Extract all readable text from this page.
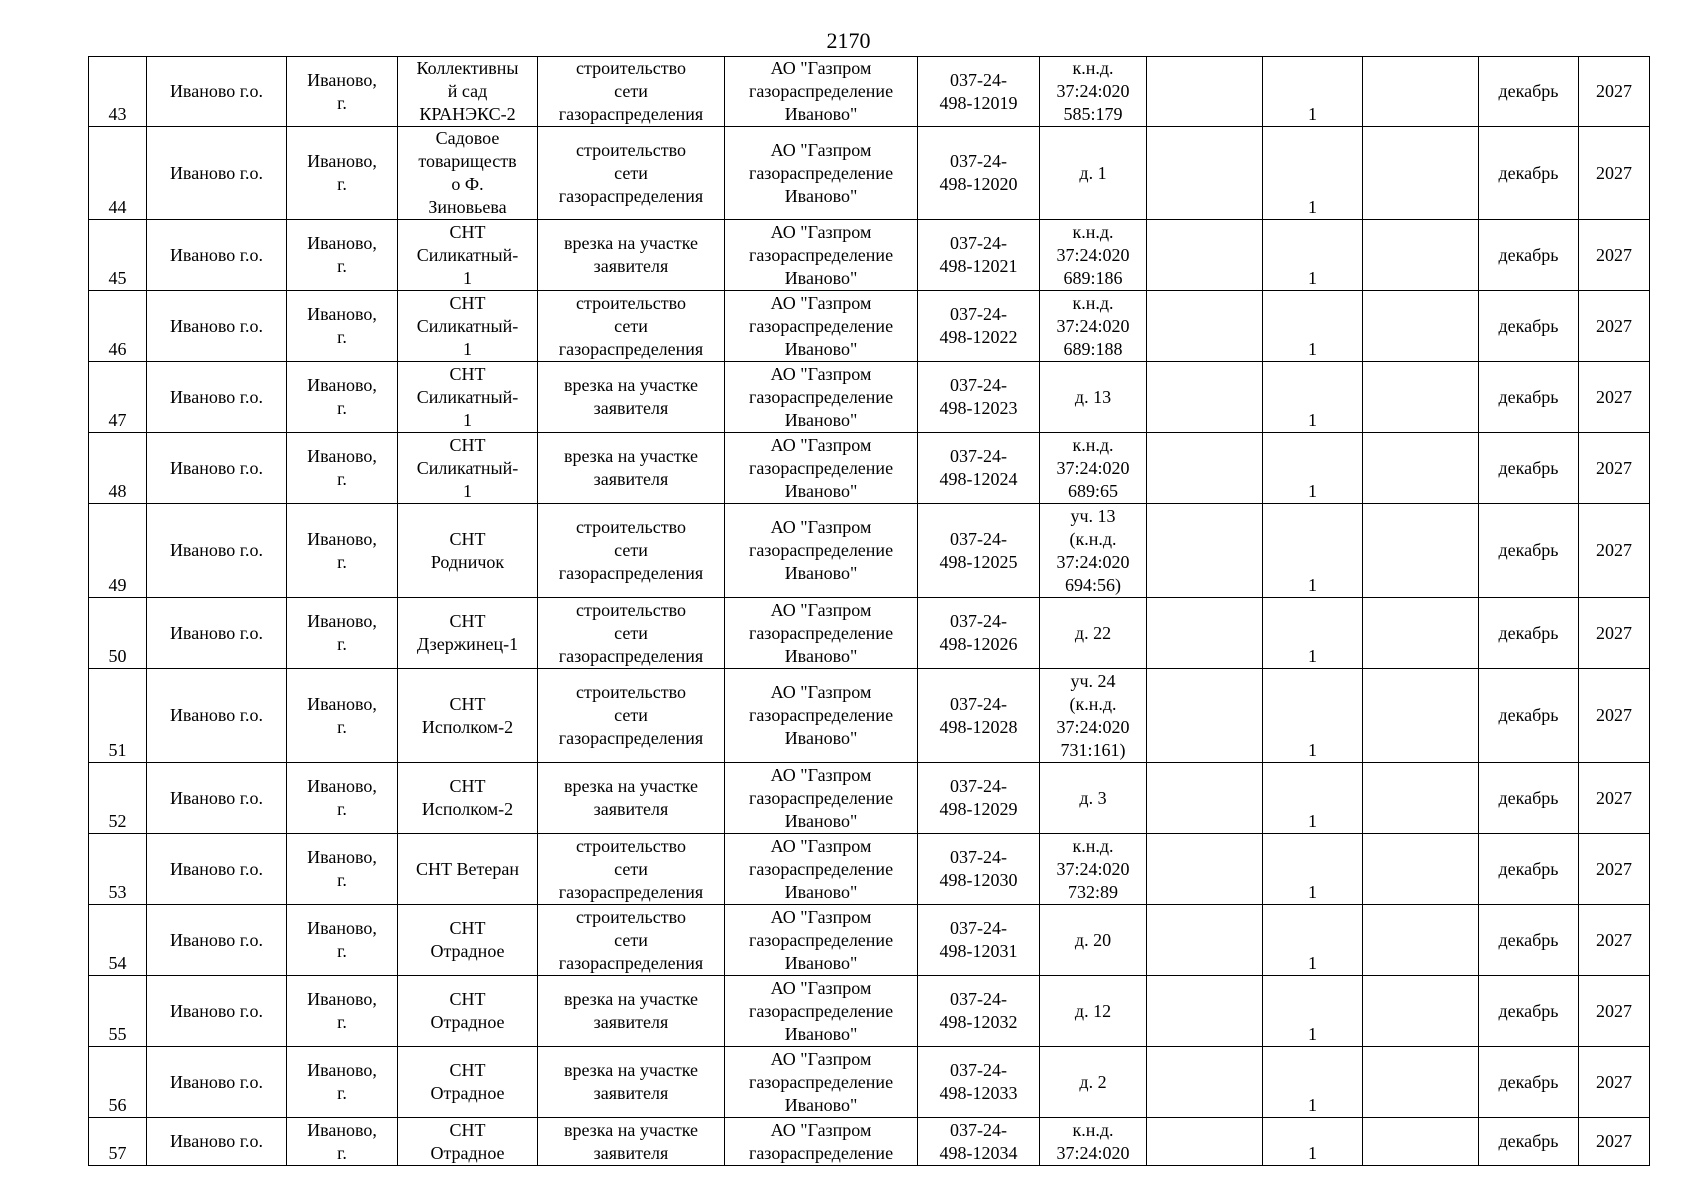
2170
43	Иваново г.о.	Иваново,
г.	Коллективны
й сад
КРАНЭКС-2	строительство
сети
газораспределения	АО "Газпром
газораспределение
Иваново"	037-24-
498-12019	к.н.д.
37:24:020
585:179		1		декабрь	2027

44	Иваново г.о.	Иваново,
г.	Садовое
товариществ
о Ф.
Зиновьева	строительство
сети
газораспределения	АО "Газпром
газораспределение
Иваново"	037-24-
498-12020	д. 1		1		декабрь	2027

45	Иваново г.о.	Иваново,
г.	СНТ
Силикатный-
1	врезка на участке
заявителя	АО "Газпром
газораспределение
Иваново"	037-24-
498-12021	к.н.д.
37:24:020
689:186		1		декабрь	2027

46	Иваново г.о.	Иваново,
г.	СНТ
Силикатный-
1	строительство
сети
газораспределения	АО "Газпром
газораспределение
Иваново"	037-24-
498-12022	к.н.д.
37:24:020
689:188		1		декабрь	2027

47	Иваново г.о.	Иваново,
г.	СНТ
Силикатный-
1	врезка на участке
заявителя	АО "Газпром
газораспределение
Иваново"	037-24-
498-12023	д. 13		1		декабрь	2027

48	Иваново г.о.	Иваново,
г.	СНТ
Силикатный-
1	врезка на участке
заявителя	АО "Газпром
газораспределение
Иваново"	037-24-
498-12024	к.н.д.
37:24:020
689:65		1		декабрь	2027

49	Иваново г.о.	Иваново,
г.	СНТ
Родничок	строительство
сети
газораспределения	АО "Газпром
газораспределение
Иваново"	037-24-
498-12025	уч. 13
(к.н.д.
37:24:020
694:56)		1		декабрь	2027

50	Иваново г.о.	Иваново,
г.	СНТ
Дзержинец-1	строительство
сети
газораспределения	АО "Газпром
газораспределение
Иваново"	037-24-
498-12026	д. 22		1		декабрь	2027

51	Иваново г.о.	Иваново,
г.	СНТ
Исполком-2	строительство
сети
газораспределения	АО "Газпром
газораспределение
Иваново"	037-24-
498-12028	уч. 24
(к.н.д.
37:24:020
731:161)		1		декабрь	2027

52	Иваново г.о.	Иваново,
г.	СНТ
Исполком-2	врезка на участке
заявителя	АО "Газпром
газораспределение
Иваново"	037-24-
498-12029	д. 3		1		декабрь	2027

53	Иваново г.о.	Иваново,
г.	СНТ Ветеран	строительство
сети
газораспределения	АО "Газпром
газораспределение
Иваново"	037-24-
498-12030	к.н.д.
37:24:020
732:89		1		декабрь	2027

54	Иваново г.о.	Иваново,
г.	СНТ
Отрадное	строительство
сети
газораспределения	АО "Газпром
газораспределение
Иваново"	037-24-
498-12031	д. 20		1		декабрь	2027

55	Иваново г.о.	Иваново,
г.	СНТ
Отрадное	врезка на участке
заявителя	АО "Газпром
газораспределение
Иваново"	037-24-
498-12032	д. 12		1		декабрь	2027

56	Иваново г.о.	Иваново,
г.	СНТ
Отрадное	врезка на участке
заявителя	АО "Газпром
газораспределение
Иваново"	037-24-
498-12033	д. 2		1		декабрь	2027

57	Иваново г.о.	Иваново,
г.	СНТ
Отрадное	врезка на участке
заявителя	АО "Газпром
газораспределение	037-24-
498-12034	к.н.д.
37:24:020		1		декабрь	2027
